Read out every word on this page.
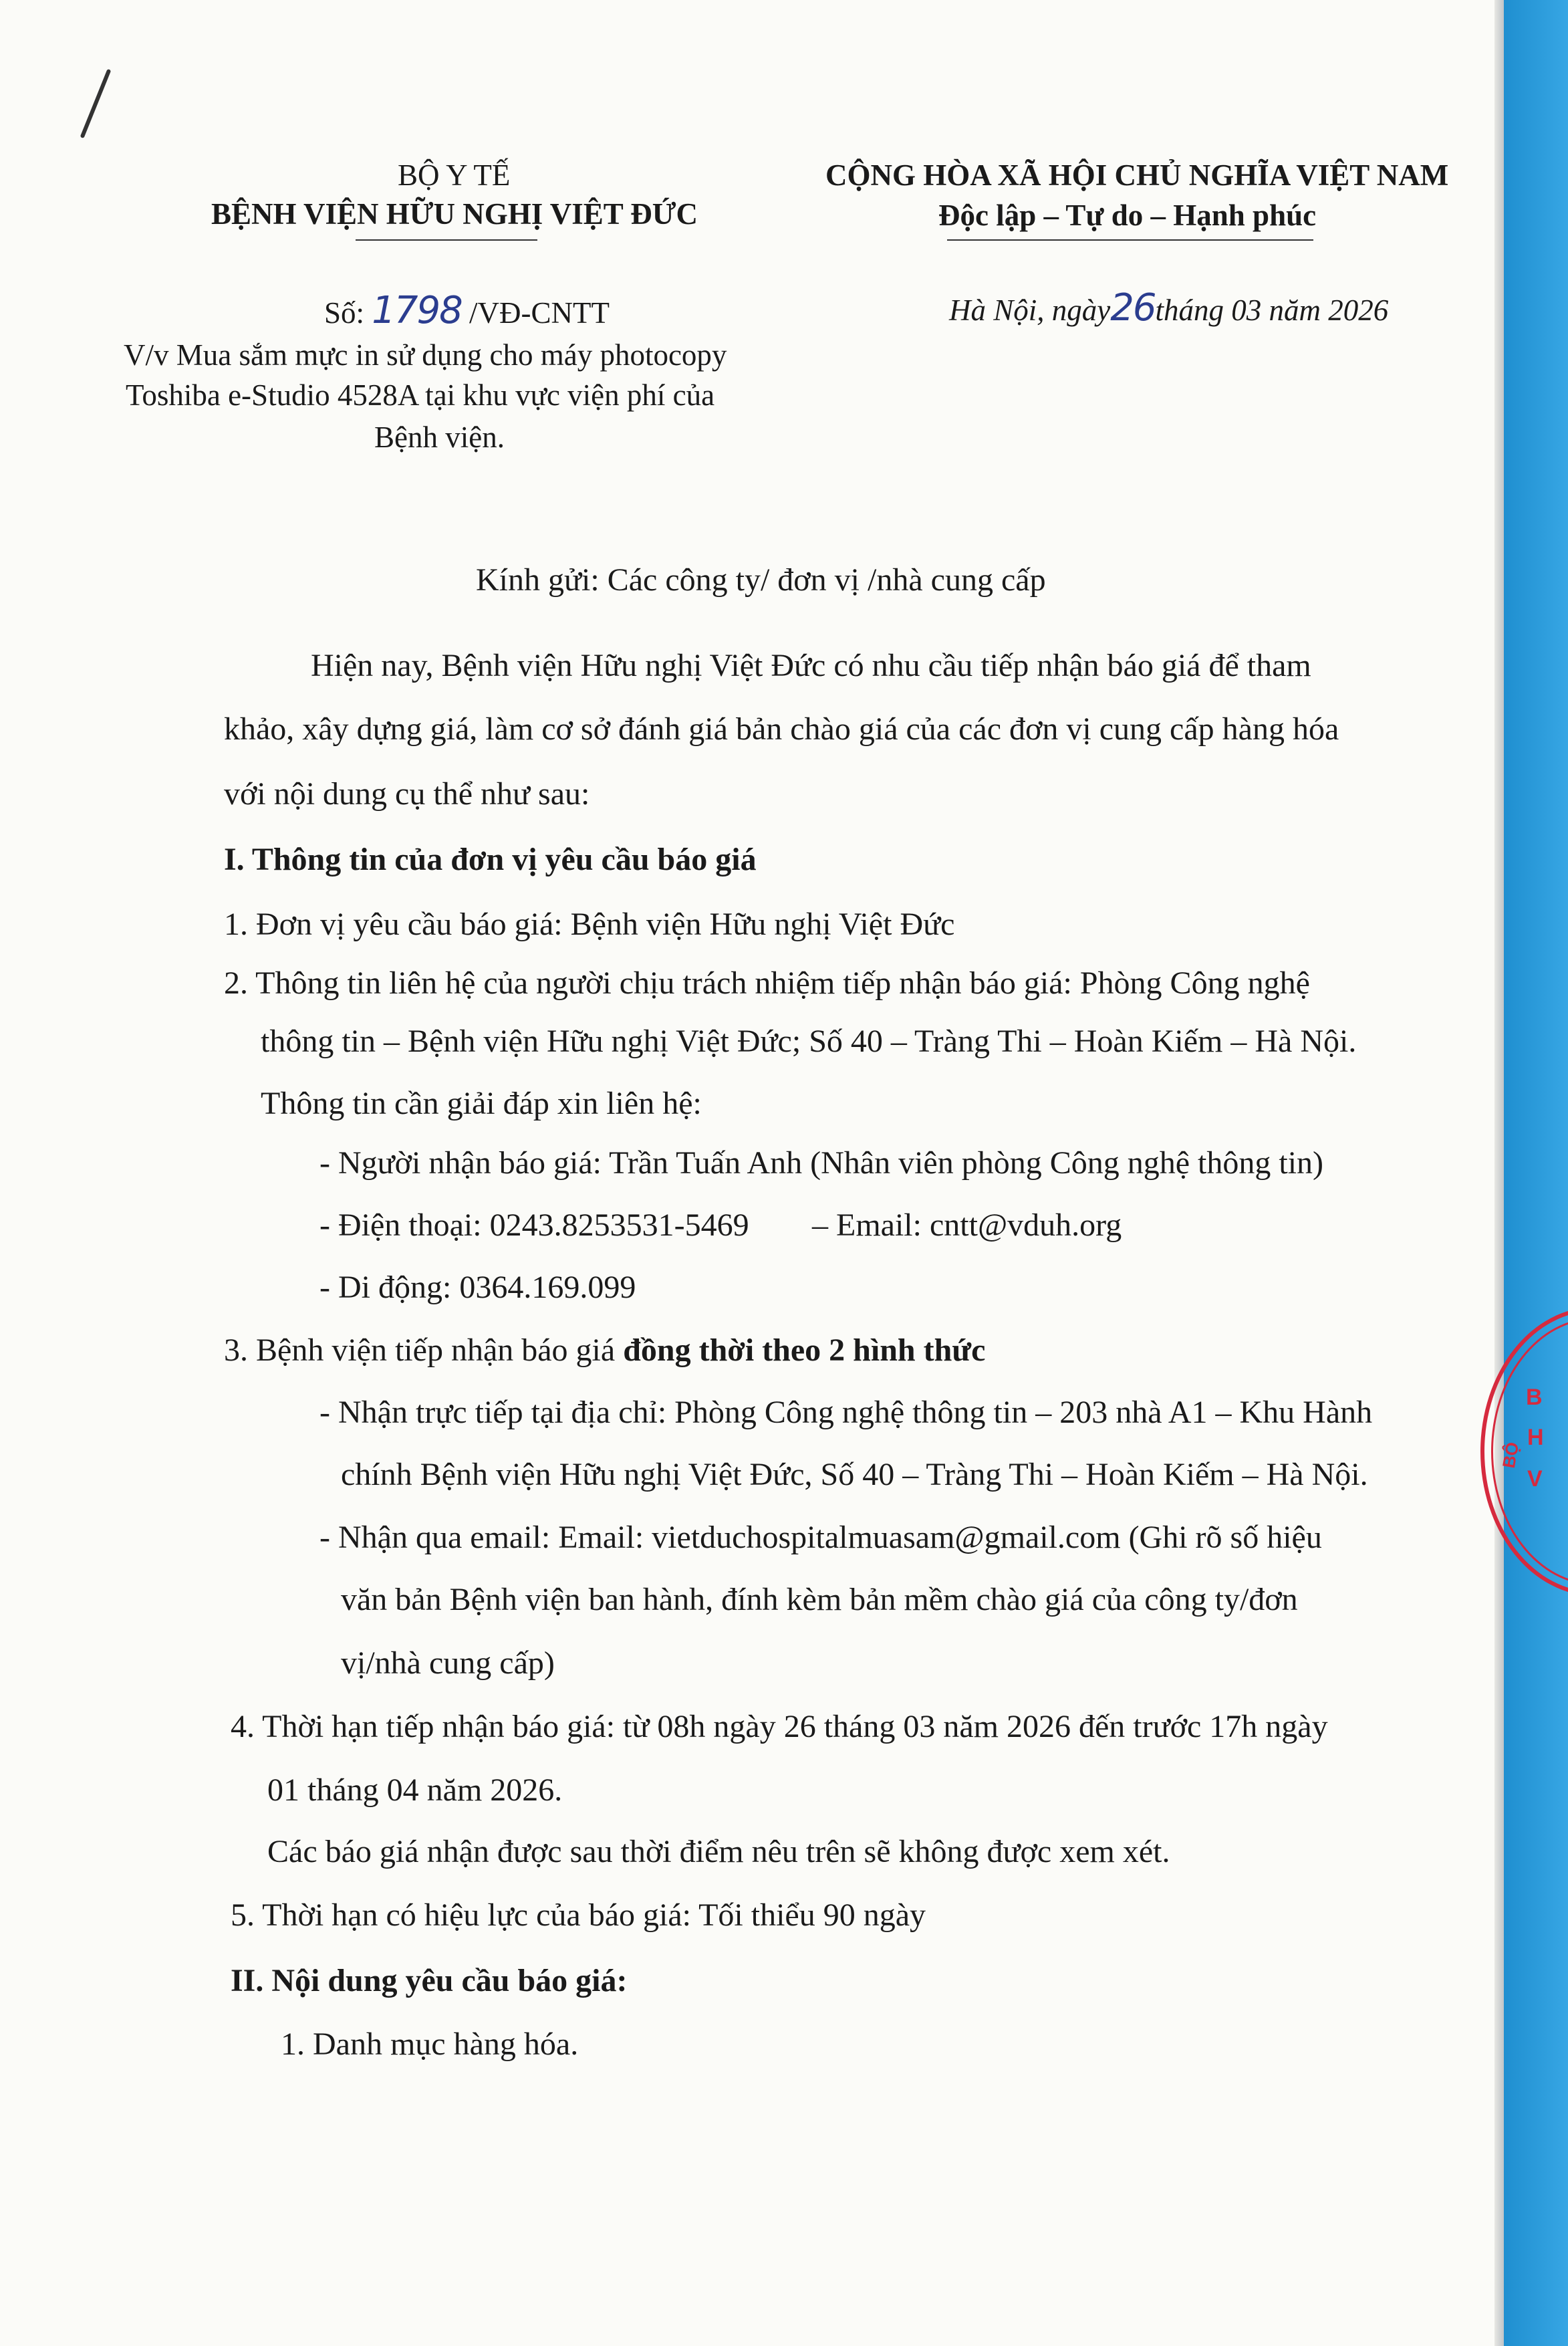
BỘ Y TẾ
BỆNH VIỆN HỮU NGHỊ VIỆT ĐỨC
CỘNG HÒA XÃ HỘI CHỦ NGHĨA VIỆT NAM
Độc lập – Tự do – Hạnh phúc
Số: 1798 /VĐ-CNTT
V/v Mua sắm mực in sử dụng cho máy photocopy
Toshiba e-Studio 4528A tại khu vực viện phí của
Bệnh viện.
Hà Nội, ngày26tháng 03 năm 2026
Kính gửi: Các công ty/ đơn vị /nhà cung cấp
Hiện nay, Bệnh viện Hữu nghị Việt Đức có nhu cầu tiếp nhận báo giá để tham
khảo, xây dựng giá, làm cơ sở đánh giá bản chào giá của các đơn vị cung cấp hàng hóa
với nội dung cụ thể như sau:
I. Thông tin của đơn vị yêu cầu báo giá
1. Đơn vị yêu cầu báo giá: Bệnh viện Hữu nghị Việt Đức
2. Thông tin liên hệ của người chịu trách nhiệm tiếp nhận báo giá: Phòng Công nghệ
thông tin – Bệnh viện Hữu nghị Việt Đức; Số 40 – Tràng Thi – Hoàn Kiếm – Hà Nội.
Thông tin cần giải đáp xin liên hệ:
- Người nhận báo giá: Trần Tuấn Anh (Nhân viên phòng Công nghệ thông tin)
- Điện thoại: 0243.8253531-5469 – Email: cntt@vduh.org
- Di động: 0364.169.099
3. Bệnh viện tiếp nhận báo giá đồng thời theo 2 hình thức
- Nhận trực tiếp tại địa chỉ: Phòng Công nghệ thông tin – 203 nhà A1 – Khu Hành
chính Bệnh viện Hữu nghị Việt Đức, Số 40 – Tràng Thi – Hoàn Kiếm – Hà Nội.
- Nhận qua email: Email: vietduchospitalmuasam@gmail.com (Ghi rõ số hiệu
văn bản Bệnh viện ban hành, đính kèm bản mềm chào giá của công ty/đơn
vị/nhà cung cấp)
4. Thời hạn tiếp nhận báo giá: từ 08h ngày 26 tháng 03 năm 2026 đến trước 17h ngày
01 tháng 04 năm 2026.
Các báo giá nhận được sau thời điểm nêu trên sẽ không được xem xét.
5. Thời hạn có hiệu lực của báo giá: Tối thiểu 90 ngày
II. Nội dung yêu cầu báo giá:
1. Danh mục hàng hóa.
B
H
V
BỘ
